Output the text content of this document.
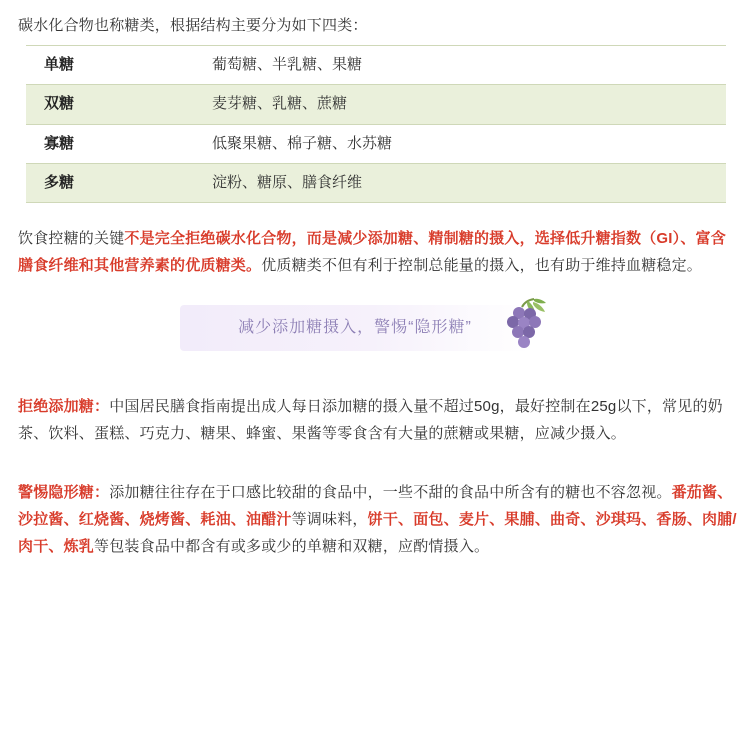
碳水化合物也称糖类，根据结构主要分为如下四类：

单糖	葡萄糖、半乳糖、果糖
双糖	麦芽糖、乳糖、蔗糖
寡糖	低聚果糖、棉子糖、水苏糖
多糖	淀粉、糖原、膳食纤维

饮食控糖的关键不是完全拒绝碳水化合物，而是减少添加糖、精制糖的摄入，选择低升糖指数（GI）、富含膳食纤维和其他营养素的优质糖类。优质糖类不但有利于控制总能量的摄入，也有助于维持血糖稳定。

减少添加糖摄入，警惕“隐形糖”

拒绝添加糖：中国居民膳食指南提出成人每日添加糖的摄入量不超过50g，最好控制在25g以下，常见的奶茶、饮料、蛋糕、巧克力、糖果、蜂蜜、果酱等零食含有大量的蔗糖或果糖，应减少摄入。

警惕隐形糖：添加糖往往存在于口感比较甜的食品中，一些不甜的食品中所含有的糖也不容忽视。番茄酱、沙拉酱、红烧酱、烧烤酱、耗油、油醋汁等调味料，饼干、面包、麦片、果脯、曲奇、沙琪玛、香肠、肉脯/肉干、炼乳等包装食品中都含有或多或少的单糖和双糖，应酌情摄入。
